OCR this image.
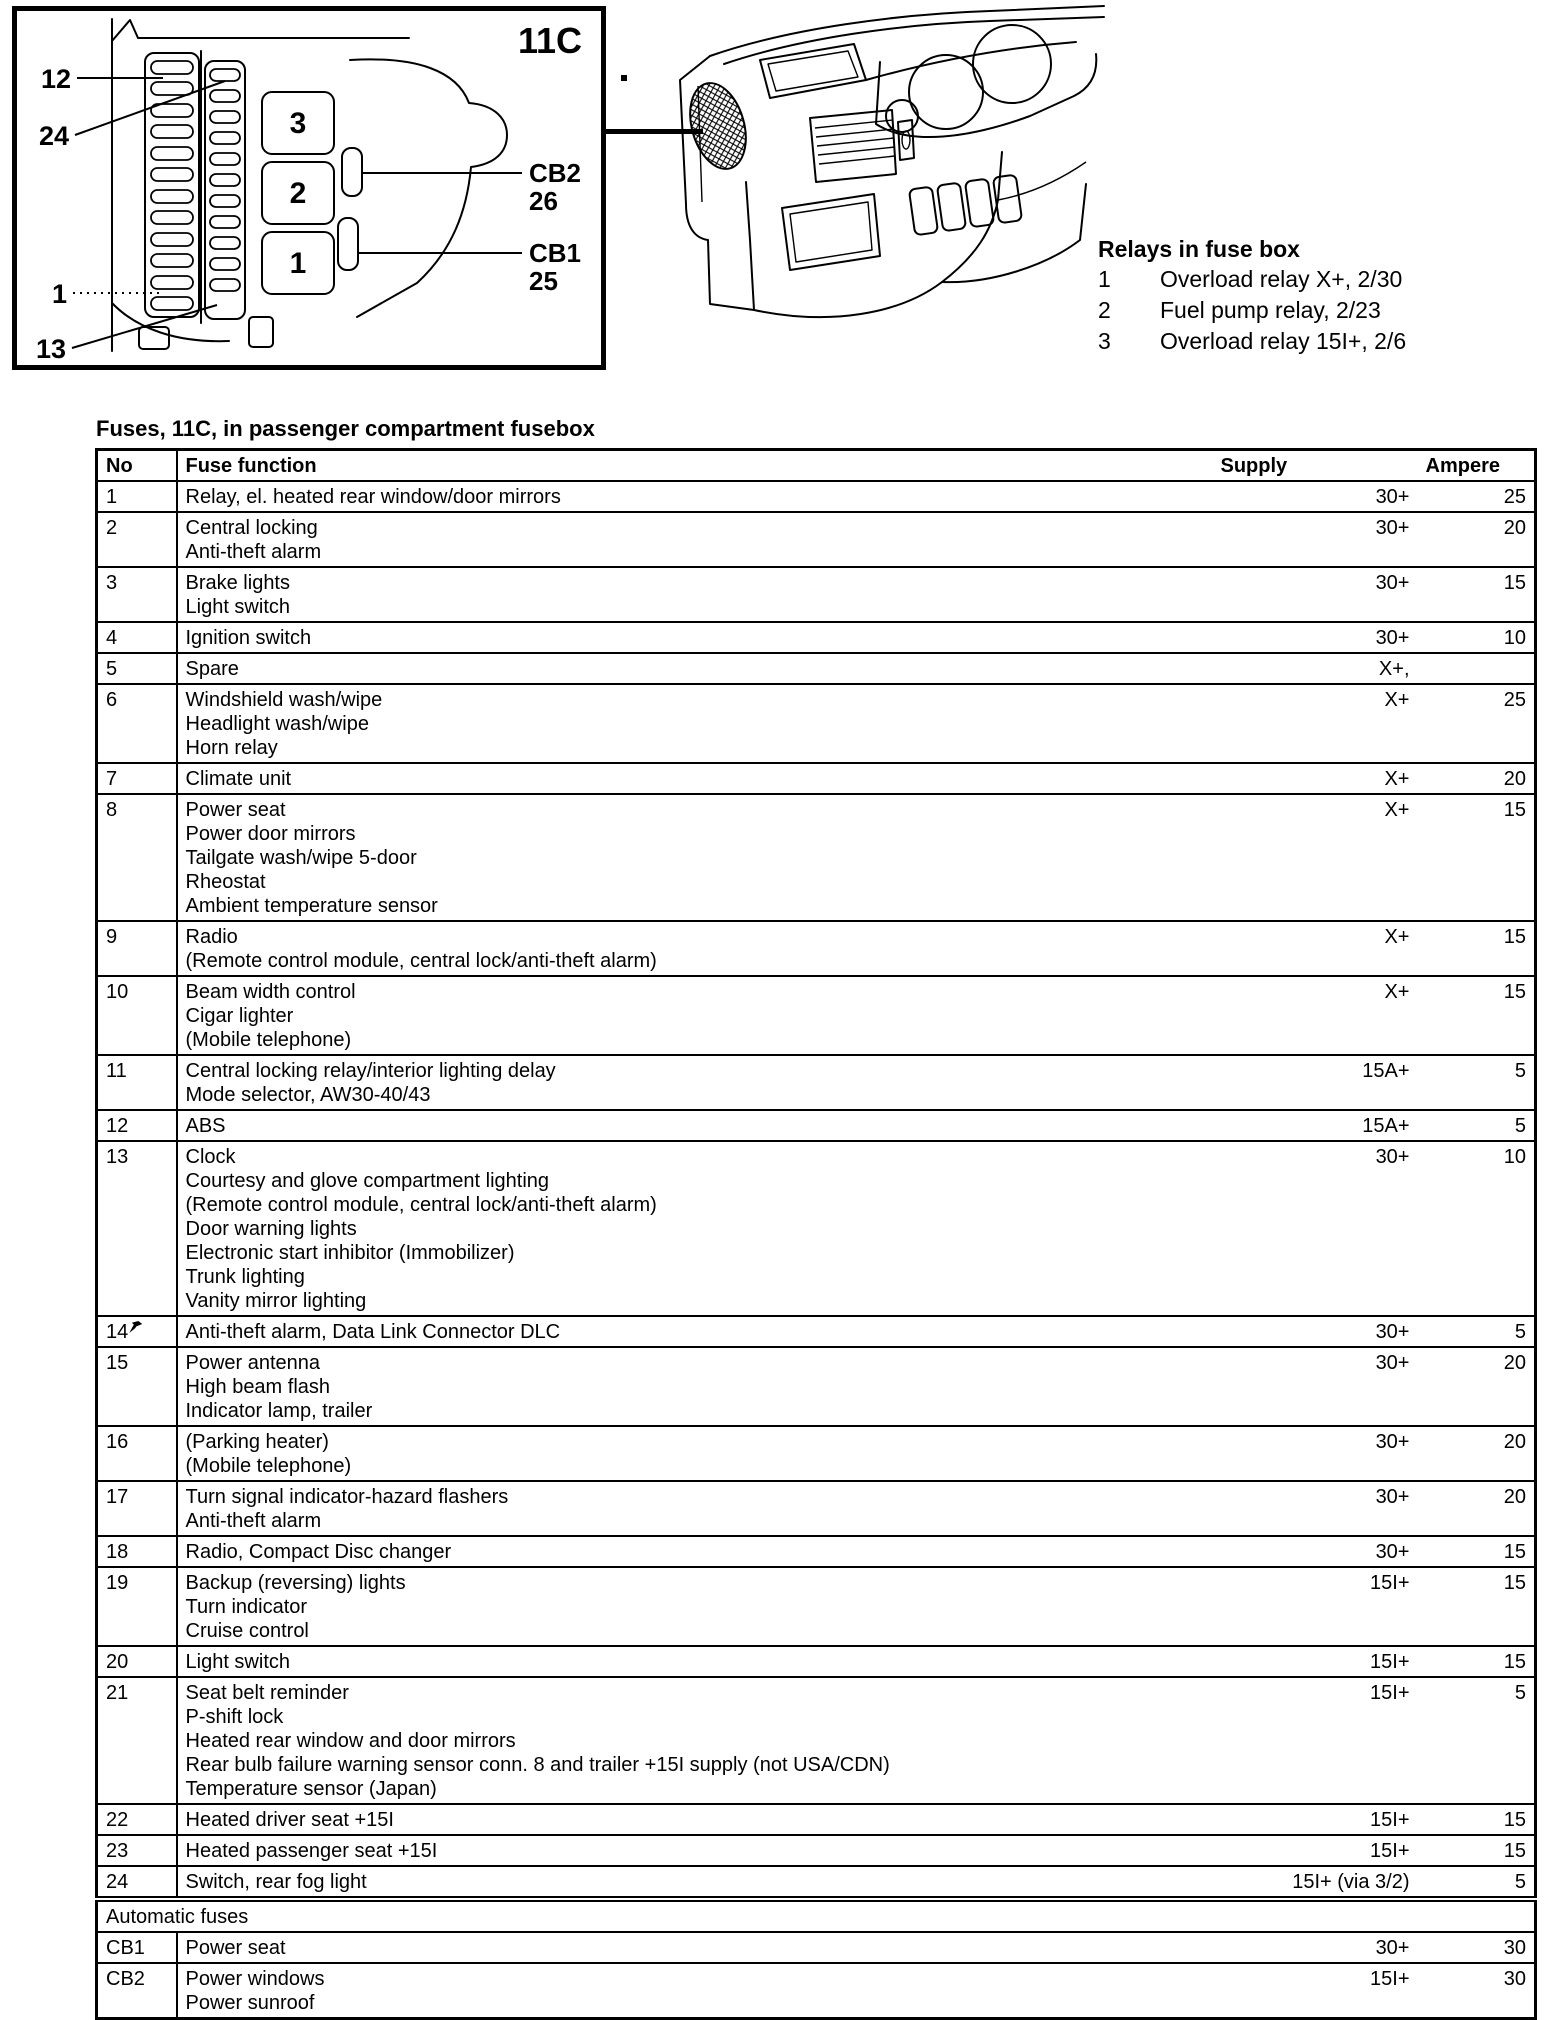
3
2
1
12
24
1
13
11C
CB2
26
CB1
25
Relays in fuse box
1	Overload relay X+, 2/30
2	Fuel pump relay, 2/23
3	Overload relay 15I+, 2/6
Fuses, 11C, in passenger compartment fusebox
No	Fuse function	Supply	Ampere
1	Relay, el. heated rear window/door mirrors	30+	25
2	Central locking
Anti-theft alarm	30+	20
3	Brake lights
Light switch	30+	15
4	Ignition switch	30+	10
5	Spare	X+,	
6	Windshield wash/wipe
Headlight wash/wipe
Horn relay	X+	25
7	Climate unit	X+	20
8	Power seat
Power door mirrors
Tailgate wash/wipe 5-door
Rheostat
Ambient temperature sensor	X+	15
9	Radio
(Remote control module, central lock/anti-theft alarm)	X+	15
10	Beam width control
Cigar lighter
(Mobile telephone)	X+	15
11	Central locking relay/interior lighting delay
Mode selector, AW30-40/43	15A+	5
12	ABS	15A+	5
13	Clock
Courtesy and glove compartment lighting
(Remote control module, central lock/anti-theft alarm)
Door warning lights
Electronic start inhibitor (Immobilizer)
Trunk lighting
Vanity mirror lighting	30+	10
14	Anti-theft alarm, Data Link Connector DLC	30+	5
15	Power antenna
High beam flash
Indicator lamp, trailer	30+	20
16	(Parking heater)
(Mobile telephone)	30+	20
17	Turn signal indicator-hazard flashers
Anti-theft alarm	30+	20
18	Radio, Compact Disc changer	30+	15
19	Backup (reversing) lights
Turn indicator
Cruise control	15I+	15
20	Light switch	15I+	15
21	Seat belt reminder
P-shift lock
Heated rear window and door mirrors
Rear bulb failure warning sensor conn. 8 and trailer +15I supply (not USA/CDN)
Temperature sensor (Japan)	15I+	5
22	Heated driver seat +15I	15I+	15
23	Heated passenger seat +15I	15I+	15
24	Switch, rear fog light	15I+ (via 3/2)	5
Automatic fuses			
CB1	Power seat	30+	30
CB2	Power windows
Power sunroof	15I+	30
